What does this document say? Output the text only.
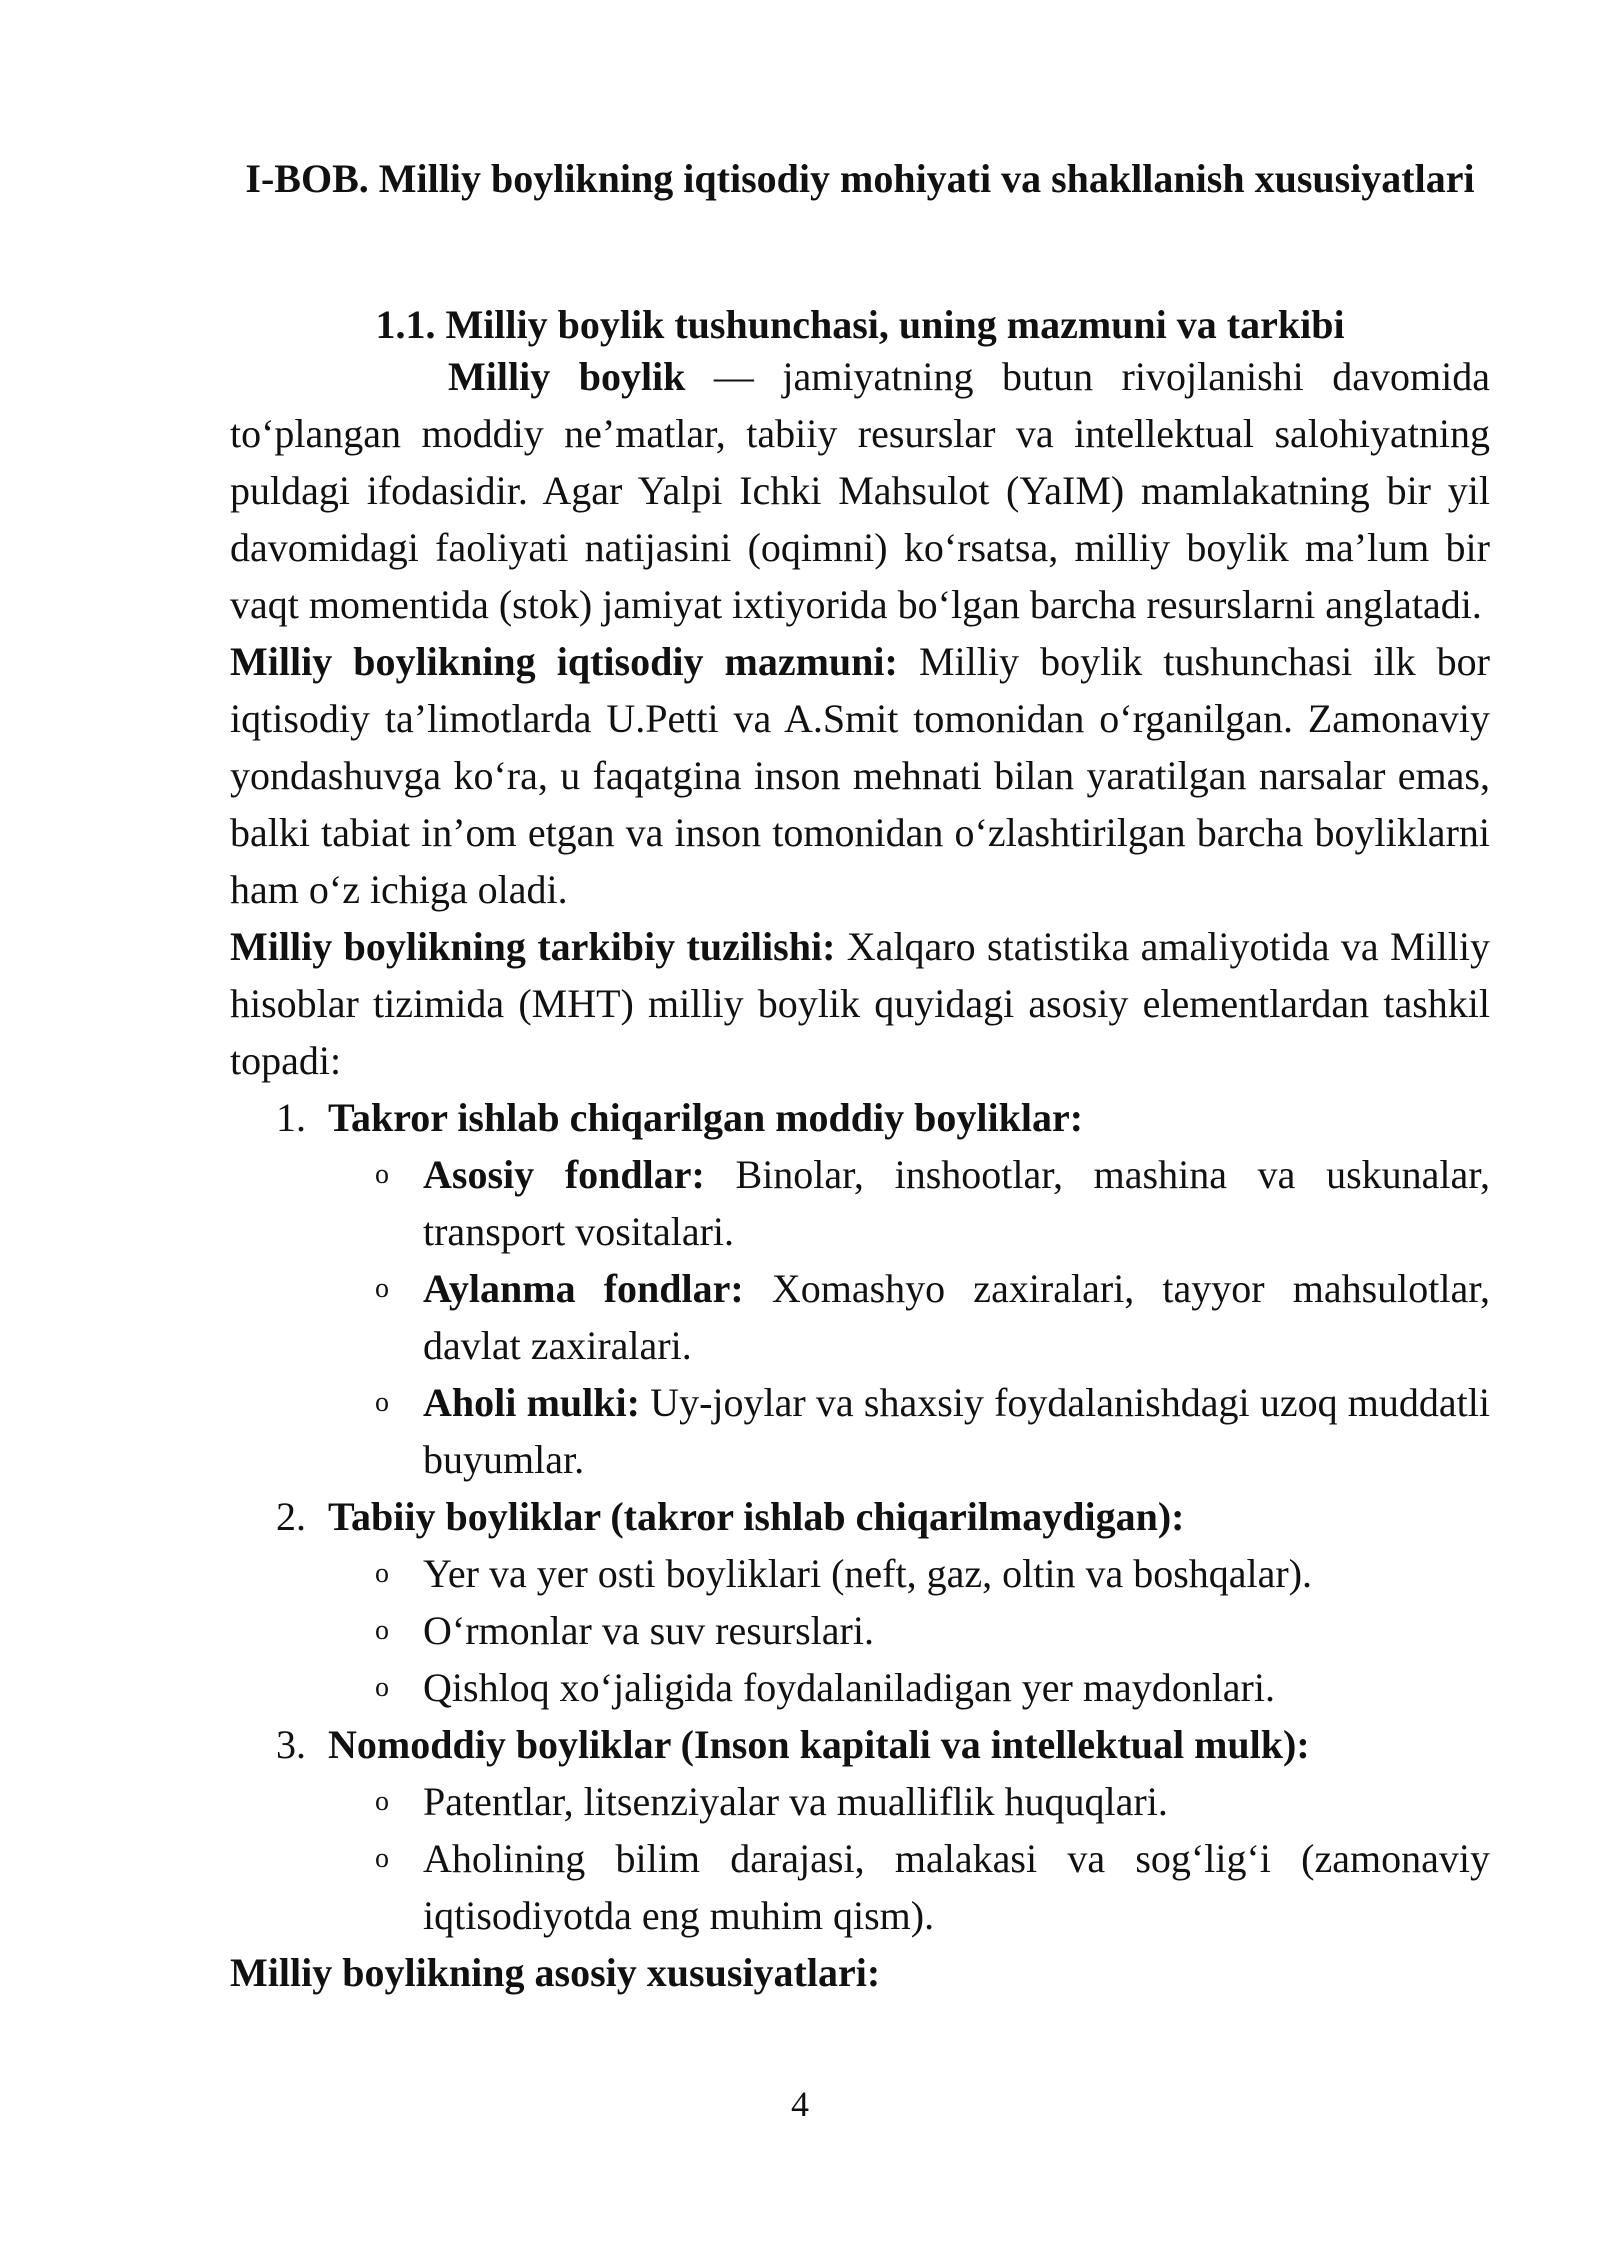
I-BOB. Milliy boylikning iqtisodiy mohiyati va shakllanish xususiyatlari
1.1. Milliy boylik tushunchasi, uning mazmuni va tarkibi

Milliy boylik — jamiyatning butun rivojlanishi davomida to‘plangan moddiy ne’matlar, tabiiy resurslar va intellektual salohiyatning puldagi ifodasidir. Agar Yalpi Ichki Mahsulot (YaIM) mamlakatning bir yil davomidagi faoliyati natijasini (oqimni) ko‘rsatsa, milliy boylik ma’lum bir vaqt momentida (stok) jamiyat ixtiyorida bo‘lgan barcha resurslarni anglatadi.

Milliy boylikning iqtisodiy mazmuni: Milliy boylik tushunchasi ilk bor iqtisodiy ta’limotlarda U.Petti va A.Smit tomonidan o‘rganilgan. Zamonaviy yondashuvga ko‘ra, u faqatgina inson mehnati bilan yaratilgan narsalar emas, balki tabiat in’om etgan va inson tomonidan o‘zlashtirilgan barcha boyliklarni ham o‘z ichiga oladi.

Milliy boylikning tarkibiy tuzilishi: Xalqaro statistika amaliyotida va Milliy hisoblar tizimida (MHT) milliy boylik quyidagi asosiy elementlardan tashkil topadi:

1. Takror ishlab chiqarilgan moddiy boyliklar:
o Asosiy fondlar: Binolar, inshootlar, mashina va uskunalar, transport vositalari.
o Aylanma fondlar: Xomashyo zaxiralari, tayyor mahsulotlar, davlat zaxiralari.
o Aholi mulki: Uy-joylar va shaxsiy foydalanishdagi uzoq muddatli buyumlar.
2. Tabiiy boyliklar (takror ishlab chiqarilmaydigan):
o Yer va yer osti boyliklari (neft, gaz, oltin va boshqalar).
o O‘rmonlar va suv resurslari.
o Qishloq xo‘jaligida foydalaniladigan yer maydonlari.
3. Nomoddiy boyliklar (Inson kapitali va intellektual mulk):
o Patentlar, litsenziyalar va mualliflik huquqlari.
o Aholining bilim darajasi, malakasi va sog‘lig‘i (zamonaviy iqtisodiyotda eng muhim qism).

Milliy boylikning asosiy xususiyatlari:

4
